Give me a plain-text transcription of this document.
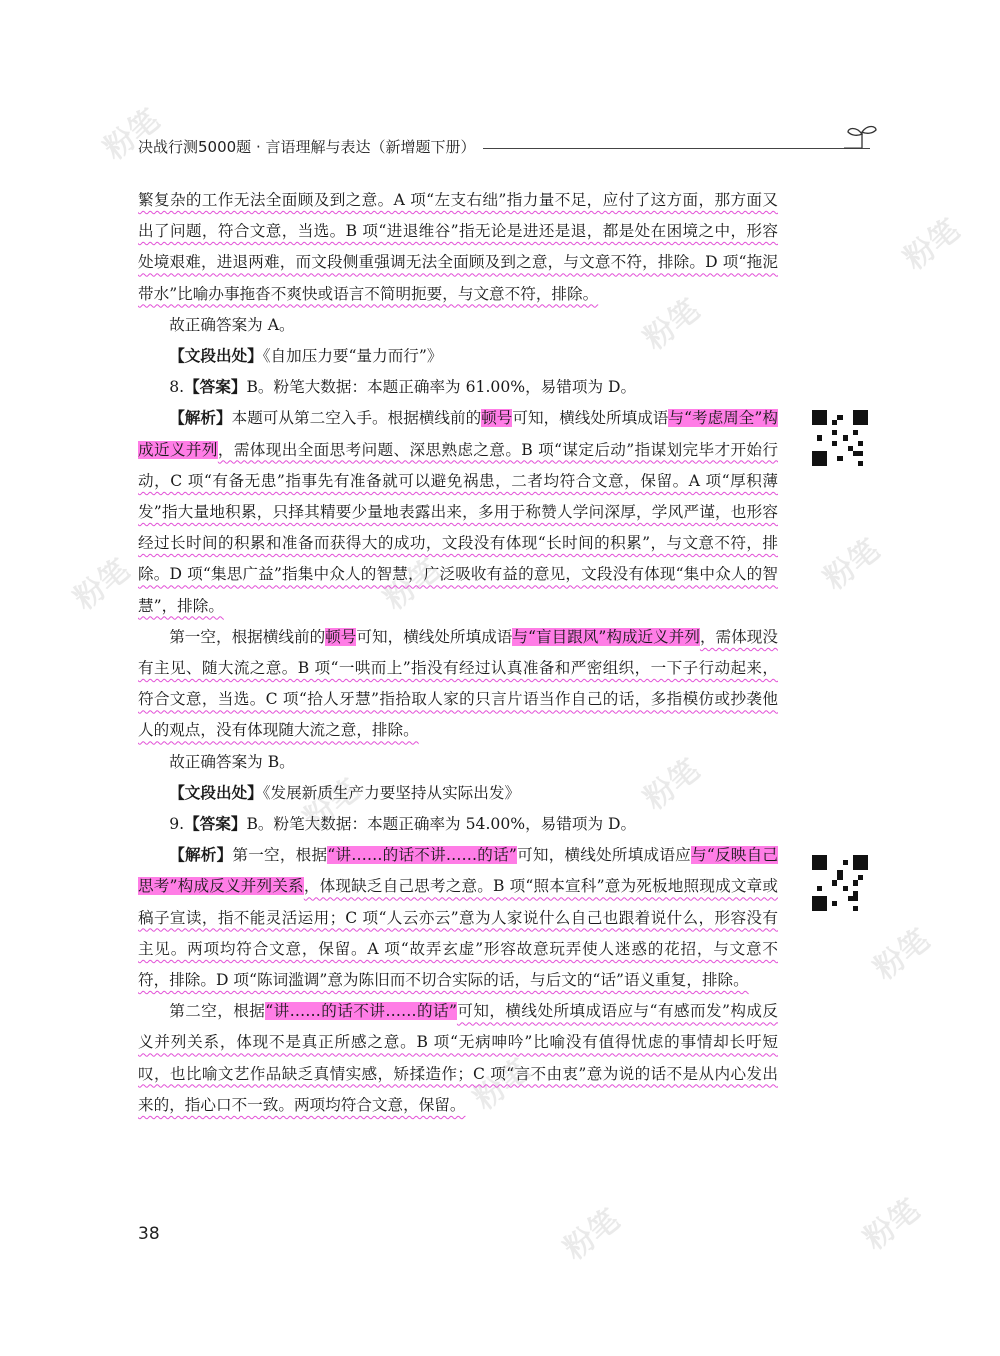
粉笔
粉笔
粉笔
粉笔	粉笔	粉笔
粉笔	粉笔
粉笔
粉笔
粉笔	粉笔
决战行测5000题 · 言语理解与表达（新增题下册）

繁复杂的工作无法全面顾及到之意。A 项“左支右绌”指力量不足，应付了这方面，那方面又出了问题，符合文意，当选。B 项“进退维谷”指无论是进还是退，都是处在困境之中，形容处境艰难，进退两难，而文段侧重强调无法全面顾及到之意，与文意不符，排除。D 项“拖泥带水”比喻办事拖沓不爽快或语言不简明扼要，与文意不符，排除。

故正确答案为 A。

【文段出处】《自加压力要“量力而行”》

8.【答案】B。粉笔大数据：本题正确率为 61.00%，易错项为 D。

【解析】本题可从第二空入手。根据横线前的顿号可知，横线处所填成语与“考虑周全”构成近义并列，需体现出全面思考问题、深思熟虑之意。B 项“谋定后动”指谋划完毕才开始行动，C 项“有备无患”指事先有准备就可以避免祸患，二者均符合文意，保留。A 项“厚积薄发”指大量地积累，只择其精要少量地表露出来，多用于称赞人学问深厚，学风严谨，也形容经过长时间的积累和准备而获得大的成功，文段没有体现“长时间的积累”，与文意不符，排除。D 项“集思广益”指集中众人的智慧，广泛吸收有益的意见，文段没有体现“集中众人的智慧”，排除。

第一空，根据横线前的顿号可知，横线处所填成语与“盲目跟风”构成近义并列，需体现没有主见、随大流之意。B 项“一哄而上”指没有经过认真准备和严密组织，一下子行动起来，符合文意，当选。C 项“拾人牙慧”指拾取人家的只言片语当作自己的话，多指模仿或抄袭他人的观点，没有体现随大流之意，排除。

故正确答案为 B。

【文段出处】《发展新质生产力要坚持从实际出发》

9.【答案】B。粉笔大数据：本题正确率为 54.00%，易错项为 D。

【解析】第一空，根据“讲……的话不讲……的话”可知，横线处所填成语应与“反映自己思考”构成反义并列关系，体现缺乏自己思考之意。B 项“照本宣科”意为死板地照现成文章或稿子宣读，指不能灵活运用；C 项“人云亦云”意为人家说什么自己也跟着说什么，形容没有主见。两项均符合文意，保留。A 项“故弄玄虚”形容故意玩弄使人迷惑的花招，与文意不符，排除。D 项“陈词滥调”意为陈旧而不切合实际的话，与后文的“话”语义重复，排除。

第二空，根据“讲……的话不讲……的话”可知，横线处所填成语应与“有感而发”构成反义并列关系，体现不是真正所感之意。B 项“无病呻吟”比喻没有值得忧虑的事情却长吁短叹，也比喻文艺作品缺乏真情实感，矫揉造作；C 项“言不由衷”意为说的话不是从内心发出来的，指心口不一致。两项均符合文意，保留。

38
